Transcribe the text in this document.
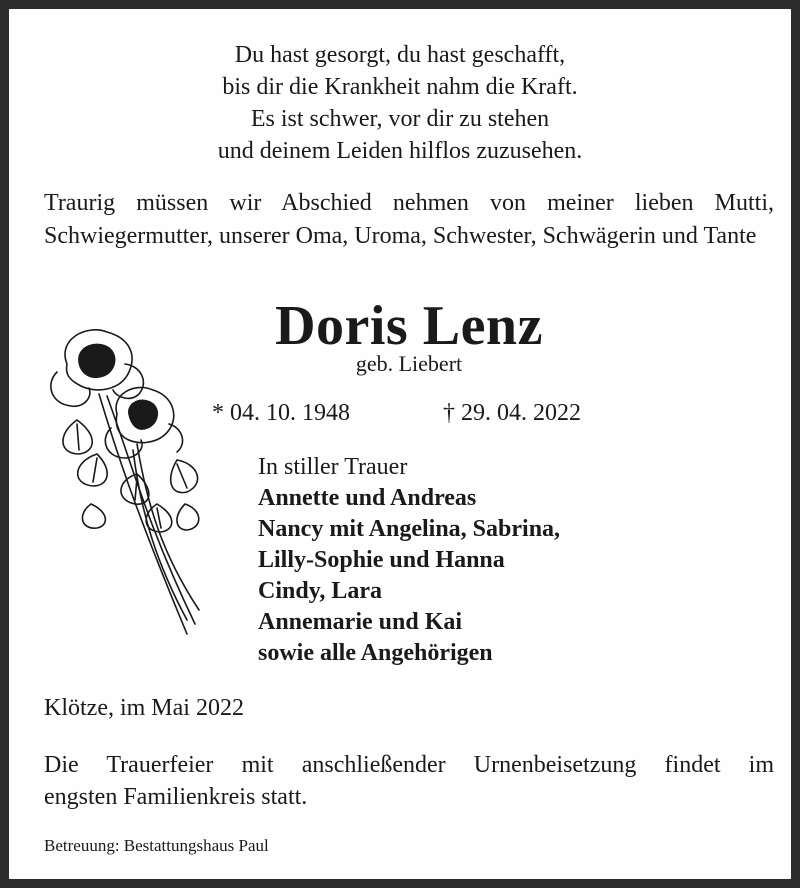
Du hast gesorgt, du hast geschafft,
bis dir die Krankheit nahm die Kraft.
Es ist schwer, vor dir zu stehen
und deinem Leiden hilflos zuzusehen.
Traurig müssen wir Abschied nehmen von meiner lieben Mutti, Schwiegermutter, unserer Oma, Uroma, Schwester, Schwägerin und Tante
Doris Lenz
geb. Liebert
* 04. 10. 1948	† 29. 04. 2022
In stiller Trauer
Annette und Andreas
Nancy mit Angelina, Sabrina,
Lilly-Sophie und Hanna
Cindy, Lara
Annemarie und Kai
sowie alle Angehörigen
Klötze, im Mai 2022
Die Trauerfeier mit anschließender Urnenbeisetzung findet im
engsten Familienkreis statt.
Betreuung: Bestattungshaus Paul
